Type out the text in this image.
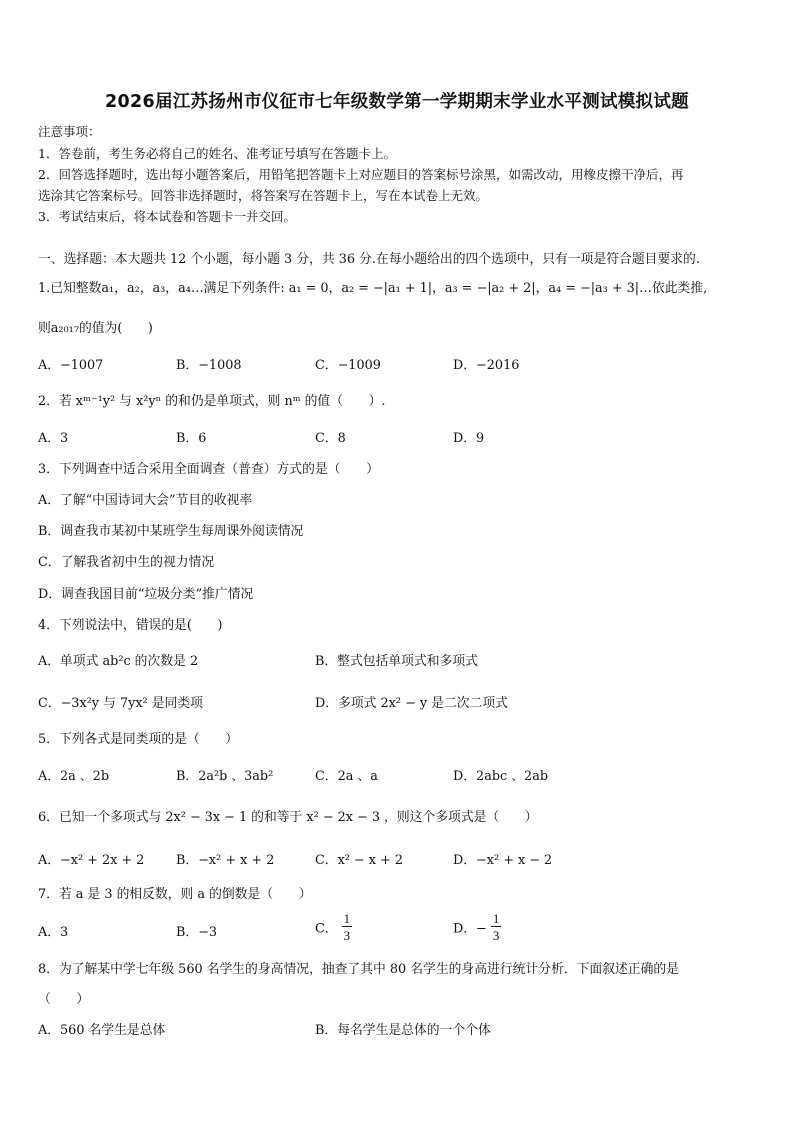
2026届江苏扬州市仪征市七年级数学第一学期期末学业水平测试模拟试题
注意事项：
1．答卷前，考生务必将自己的姓名、准考证号填写在答题卡上。
2．回答选择题时，选出每小题答案后，用铅笔把答题卡上对应题目的答案标号涂黑，如需改动，用橡皮擦干净后，再
选涂其它答案标号。回答非选择题时，将答案写在答题卡上，写在本试卷上无效。
3．考试结束后，将本试卷和答题卡一并交回。
一、选择题：本大题共 12 个小题，每小题 3 分，共 36 分.在每小题给出的四个选项中，只有一项是符合题目要求的.
1.已知整数a₁，a₂，a₃，a₄…满足下列条件: a₁ = 0，a₂ = −|a₁ + 1|，a₃ = −|a₂ + 2|，a₄ = −|a₃ + 3|…依此类推,
则a₂₀₁₇的值为(　　)
A．−1007	B．−1008	C．−1009	D．−2016
2．若 xᵐ⁻¹y² 与 x²yⁿ 的和仍是单项式，则 nᵐ 的值（　　）.
A．3	B．6	C．8	D．9
3．下列调查中适合采用全面调查（普查）方式的是（　　）
A．了解“中国诗词大会”节目的收视率
B．调查我市某初中某班学生每周课外阅读情况
C．了解我省初中生的视力情况
D．调查我国目前“垃圾分类”推广情况
4．下列说法中，错误的是(　　)
A．单项式 ab²c 的次数是 2	B．整式包括单项式和多项式
C．−3x²y 与 7yx² 是同类项	D．多项式 2x² − y 是二次二项式
5．下列各式是同类项的是（　　）
A．2a 、2b	B．2a²b 、3ab²	C．2a 、a	D．2abc 、2ab
6．已知一个多项式与 2x² − 3x − 1 的和等于 x² − 2x − 3 ，则这个多项式是（　　）
A．−x² + 2x + 2 B．−x² + x + 2	C．x² − x + 2	D．−x² + x − 2
7．若 a 是 3 的相反数，则 a 的倒数是（　　）
A．3	B．−3	C． $\frac{1}{3}$	D．− $\frac{1}{3}$
8．为了解某中学七年级 560 名学生的身高情况，抽查了其中 80 名学生的身高进行统计分析．下面叙述正确的是
（　　）
A．560 名学生是总体	B．每名学生是总体的一个个体
